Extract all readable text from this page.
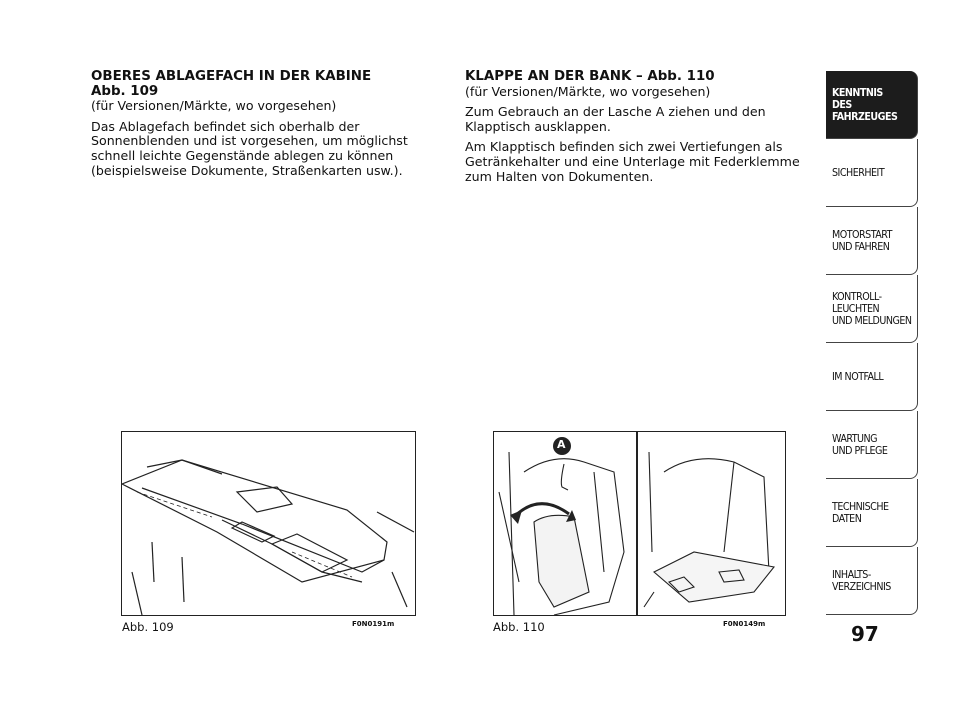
OBERES ABLAGEFACH IN DER KABINE

Abb. 109

(für Versionen/Märkte, wo vorgesehen)

Das Ablagefach befindet sich oberhalb der Sonnenblenden und ist vorgesehen, um möglichst schnell leichte Gegenstände ablegen zu können (beispielsweise Dokumente, Straßenkarten usw.).

KLAPPE AN DER BANK – Abb. 110

(für Versionen/Märkte, wo vorgesehen)

Zum Gebrauch an der Lasche A ziehen und den Klapptisch ausklappen.

Am Klapptisch befinden sich zwei Vertiefungen als Getränkehalter und eine Unterlage mit Federklemme zum Halten von Dokumenten.

Abb. 109	F0N0191m
A
Abb. 110	F0N0149m
KENNTNIS
DES FAHRZEUGES
SICHERHEIT
MOTORSTART
UND FAHREN
KONTROLL-
LEUCHTEN
UND MELDUNGEN
IM NOTFALL
WARTUNG
UND PFLEGE
TECHNISCHE
DATEN
INHALTS-
VERZEICHNIS
97
